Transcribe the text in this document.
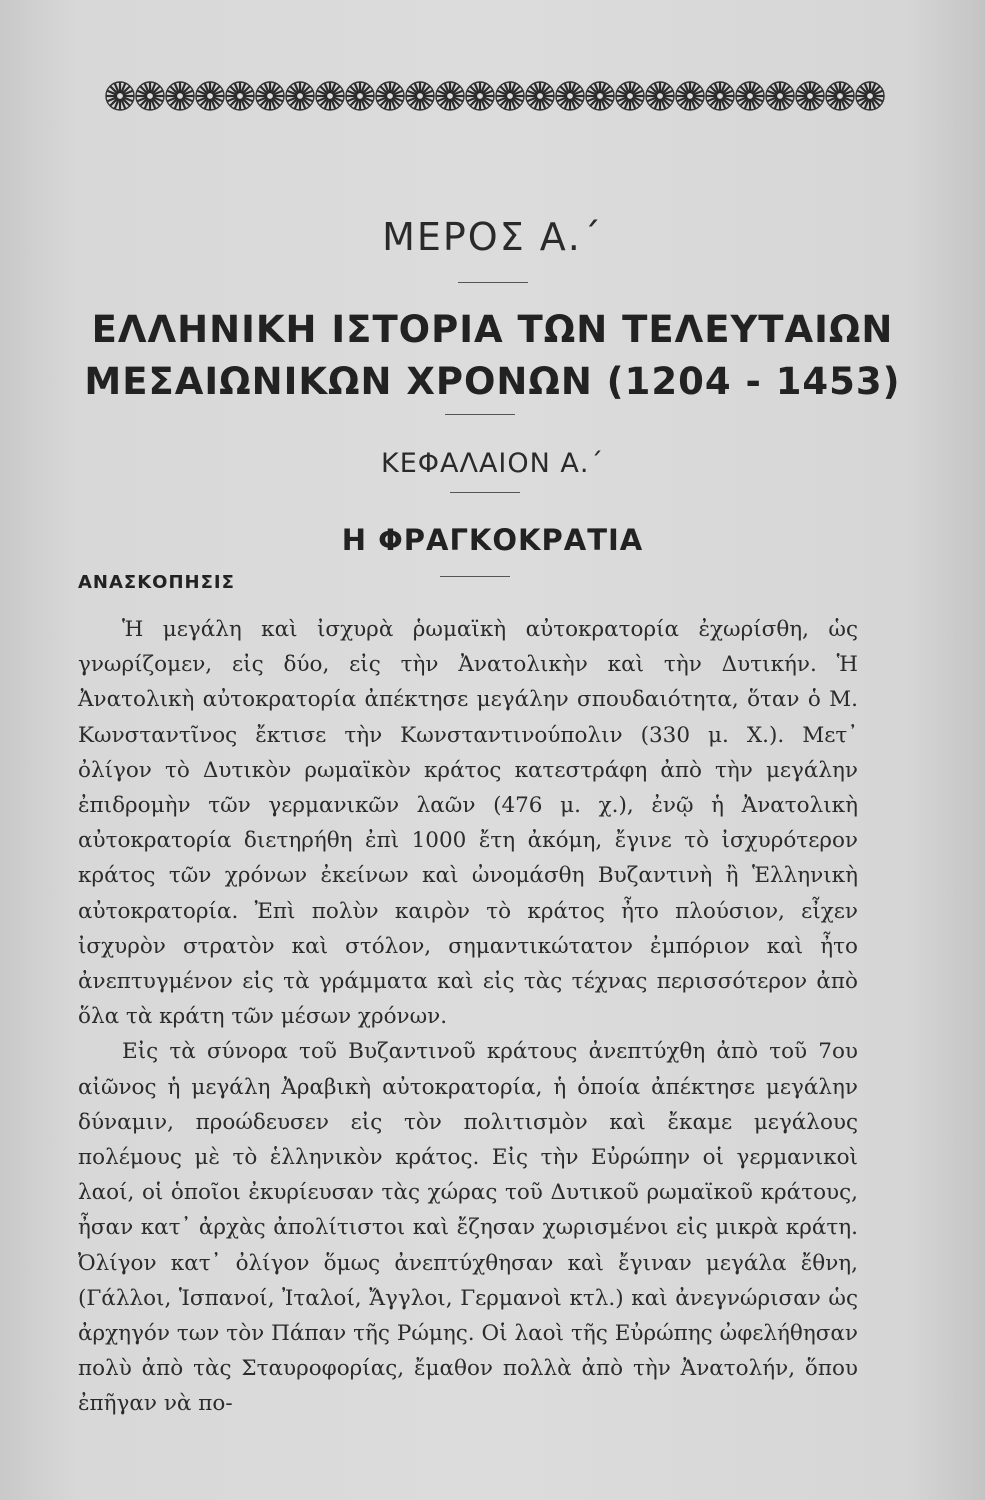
ΜΕΡΟΣ Α.΄
ΕΛΛΗΝΙΚΗ ΙΣΤΟΡΙΑ ΤΩΝ ΤΕΛΕΥΤΑΙΩΝ
ΜΕΣΑΙΩΝΙΚΩΝ ΧΡΟΝΩΝ (1204 - 1453)
ΚΕΦΑΛΑΙΟΝ Α.΄
Η ΦΡΑΓΚΟΚΡΑΤΙΑ
ΑΝΑΣΚΟΠΗΣΙΣ

Ἡ μεγάλη καὶ ἰσχυρὰ ῥωμαϊκὴ αὐτοκρατορία ἐχωρίσθη, ὡς γνωρίζομεν, εἰς δύο, εἰς τὴν Ἀνατολικὴν καὶ τὴν Δυτικήν. Ἡ Ἀνατολικὴ αὐτοκρατορία ἀπέκτησε μεγάλην σπουδαιότητα, ὅταν ὁ Μ. Κωνσταντῖνος ἔκτισε τὴν Κωνσταντινούπολιν (330 μ. Χ.). Μετ᾿ ὀλίγον τὸ Δυτικὸν ρωμαϊκὸν κράτος κατεστράφη ἀπὸ τὴν μεγάλην ἐπιδρομὴν τῶν γερμανικῶν λαῶν (476 μ. χ.), ἐνῷ ἡ Ἀνατολικὴ αὐτοκρατορία διετηρήθη ἐπὶ 1000 ἔτη ἀκόμη, ἔγινε τὸ ἰσχυρότερον κράτος τῶν χρόνων ἐκείνων καὶ ὠνομάσθη Βυζαντινὴ ἢ Ἑλληνικὴ αὐτοκρατορία. Ἐπὶ πολὺν καιρὸν τὸ κράτος ἦτο πλούσιον, εἶχεν ἰσχυρὸν στρατὸν καὶ στόλον, σημαντικώτατον ἐμπόριον καὶ ἦτο ἀνεπτυγμένον εἰς τὰ γράμματα καὶ εἰς τὰς τέχνας περισσότερον ἀπὸ ὅλα τὰ κράτη τῶν μέσων χρόνων.

Εἰς τὰ σύνορα τοῦ Βυζαντινοῦ κράτους ἀνεπτύχθη ἀπὸ τοῦ 7ου αἰῶνος ἡ μεγάλη Ἀραβικὴ αὐτοκρατορία, ἡ ὁποία ἀπέκτησε μεγάλην δύναμιν, προώδευσεν εἰς τὸν πολιτισμὸν καὶ ἔκαμε μεγάλους πολέμους μὲ τὸ ἑλληνικὸν κράτος. Εἰς τὴν Εὐρώπην οἱ γερμανικοὶ λαοί, οἱ ὁποῖοι ἐκυρίευσαν τὰς χώρας τοῦ Δυτικοῦ ρωμαϊκοῦ κράτους, ἦσαν κατ᾿ ἀρχὰς ἀπολίτιστοι καὶ ἔζησαν χωρισμένοι εἰς μικρὰ κράτη. Ὀλίγον κατ᾿ ὀλίγον ὅμως ἀνεπτύχθησαν καὶ ἔγιναν μεγάλα ἔθνη, (Γάλλοι, Ἱσπανοί, Ἰταλοί, Ἄγγλοι, Γερμανοὶ κτλ.) καὶ ἀνεγνώρισαν ὡς ἀρχηγόν των τὸν Πάπαν τῆς Ρώμης. Οἱ λαοὶ τῆς Εὐρώπης ὠφελήθησαν πολὺ ἀπὸ τὰς Σταυροφορίας, ἔμαθον πολλὰ ἀπὸ τὴν Ἀνατολήν, ὅπου ἐπῆγαν νὰ πο-
